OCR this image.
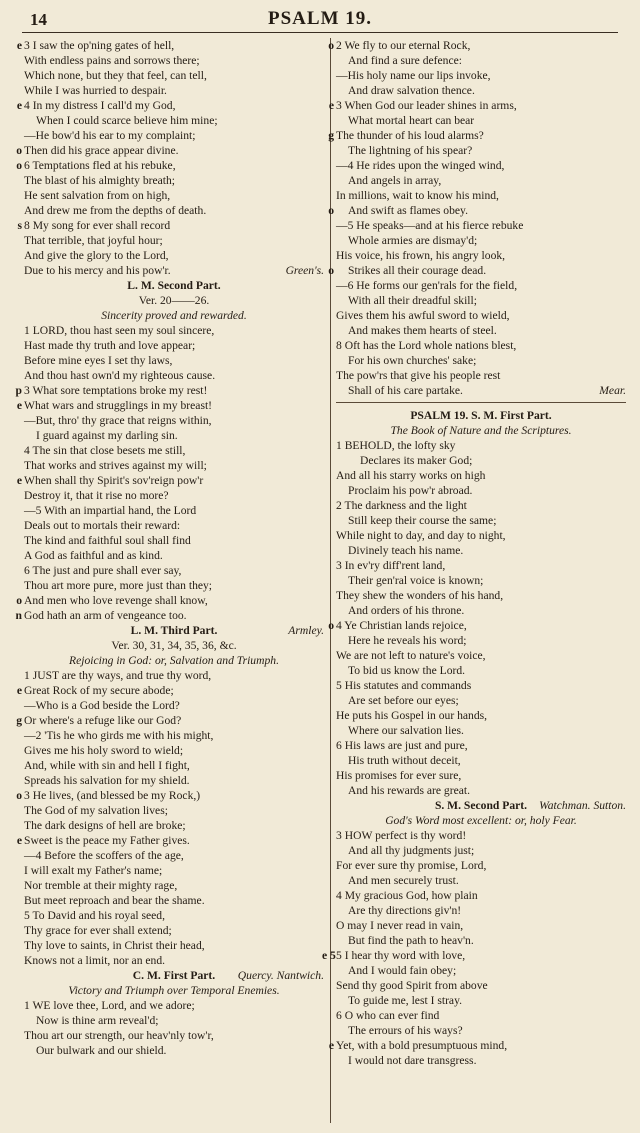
14	PSALM 19.
e 3 I saw the op'ning gates of hell,
With endless pains and sorrows there;
Which none, but they that feel, can tell,
While I was hurried to despair.
e 4 In my distress I call'd my God,
When I could scarce believe him mine;
—He bow'd his ear to my complaint;
o Then did his grace appear divine.
o 6 Temptations fled at his rebuke,
The blast of his almighty breath;
He sent salvation from on high,
And drew me from the depths of death.
s 8 My song for ever shall record
That terrible, that joyful hour;
And give the glory to the Lord,
Due to his mercy and his pow'r.	Green's.
L. M. Second Part.
Ver. 20——26.
Sincerity proved and rewarded.
1 LORD, thou hast seen my soul sincere,
Hast made thy truth and love appear;
Before mine eyes I set thy laws,
And thou hast own'd my righteous cause.
p 3 What sore temptations broke my rest!
e What wars and strugglings in my breast!
—But, thro' thy grace that reigns within,
I guard against my darling sin.
4 The sin that close besets me still,
That works and strives against my will;
e When shall thy Spirit's sov'reign pow'r
Destroy it, that it rise no more?
—5 With an impartial hand, the Lord
Deals out to mortals their reward:
The kind and faithful soul shall find
A God as faithful and as kind.
6 The just and pure shall ever say,
Thou art more pure, more just than they;
o And men who love revenge shall know,
n God hath an arm of vengeance too.
Armley.
L. M. Third Part.
Ver. 30, 31, 34, 35, 36, &c.
Rejoicing in God: or, Salvation and Triumph.
1 JUST are thy ways, and true thy word,
e Great Rock of my secure abode;
—Who is a God beside the Lord?
g Or where's a refuge like our God?
—2 'Tis he who girds me with his might,
Gives me his holy sword to wield;
And, while with sin and hell I fight,
Spreads his salvation for my shield.
o 3 He lives, (and blessed be my Rock,)
The God of my salvation lives;
The dark designs of hell are broke;
e Sweet is the peace my Father gives.
—4 Before the scoffers of the age,
I will exalt my Father's name;
Nor tremble at their mighty rage,
But meet reproach and bear the shame.
5 To David and his royal seed,
Thy grace for ever shall extend;
Thy love to saints, in Christ their head,
Knows not a limit, nor an end.
Quercy. Nantwich.
C. M. First Part.
Victory and Triumph over Temporal Enemies.
1 WE love thee, Lord, and we adore;
Now is thine arm reveal'd;
Thou art our strength, our heav'nly tow'r,
Our bulwark and our shield.
o 2 We fly to our eternal Rock,
And find a sure defence:
—His holy name our lips invoke,
And draw salvation thence.
e 3 When God our leader shines in arms,
What mortal heart can bear
g The thunder of his loud alarms?
The lightning of his spear?
—4 He rides upon the winged wind,
And angels in array,
In millions, wait to know his mind,
o And swift as flames obey.
—5 He speaks—and at his fierce rebuke
Whole armies are dismay'd;
His voice, his frown, his angry look,
o Strikes all their courage dead.
—6 He forms our gen'rals for the field,
With all their dreadful skill;
Gives them his awful sword to wield,
And makes them hearts of steel.
8 Oft has the Lord whole nations blest,
For his own churches' sake;
The pow'rs that give his people rest
Shall of his care partake.	Mear.
PSALM 19. S. M. First Part.
The Book of Nature and the Scriptures.
1 BEHOLD, the lofty sky
Declares its maker God;
And all his starry works on high
Proclaim his pow'r abroad.
2 The darkness and the light
Still keep their course the same;
While night to day, and day to night,
Divinely teach his name.
3 In ev'ry diff'rent land,
Their gen'ral voice is known;
They shew the wonders of his hand,
And orders of his throne.
o 4 Ye Christian lands rejoice,
Here he reveals his word;
We are not left to nature's voice,
To bid us know the Lord.
5 His statutes and commands
Are set before our eyes;
He puts his Gospel in our hands,
Where our salvation lies.
6 His laws are just and pure,
His truth without deceit,
His promises for ever sure,
And his rewards are great.
Watchman. Sutton.
S. M. Second Part.
God's Word most excellent: or, holy Fear.
3 HOW perfect is thy word!
And all thy judgments just;
For ever sure thy promise, Lord,
And men securely trust.
4 My gracious God, how plain
Are thy directions giv'n!
O may I never read in vain,
But find the path to heav'n.
e 5 5 I hear thy word with love,
And I would fain obey;
Send thy good Spirit from above
To guide me, lest I stray.
6 O who can ever find
The errours of his ways?
e Yet, with a bold presumptuous mind,
I would not dare transgress.
